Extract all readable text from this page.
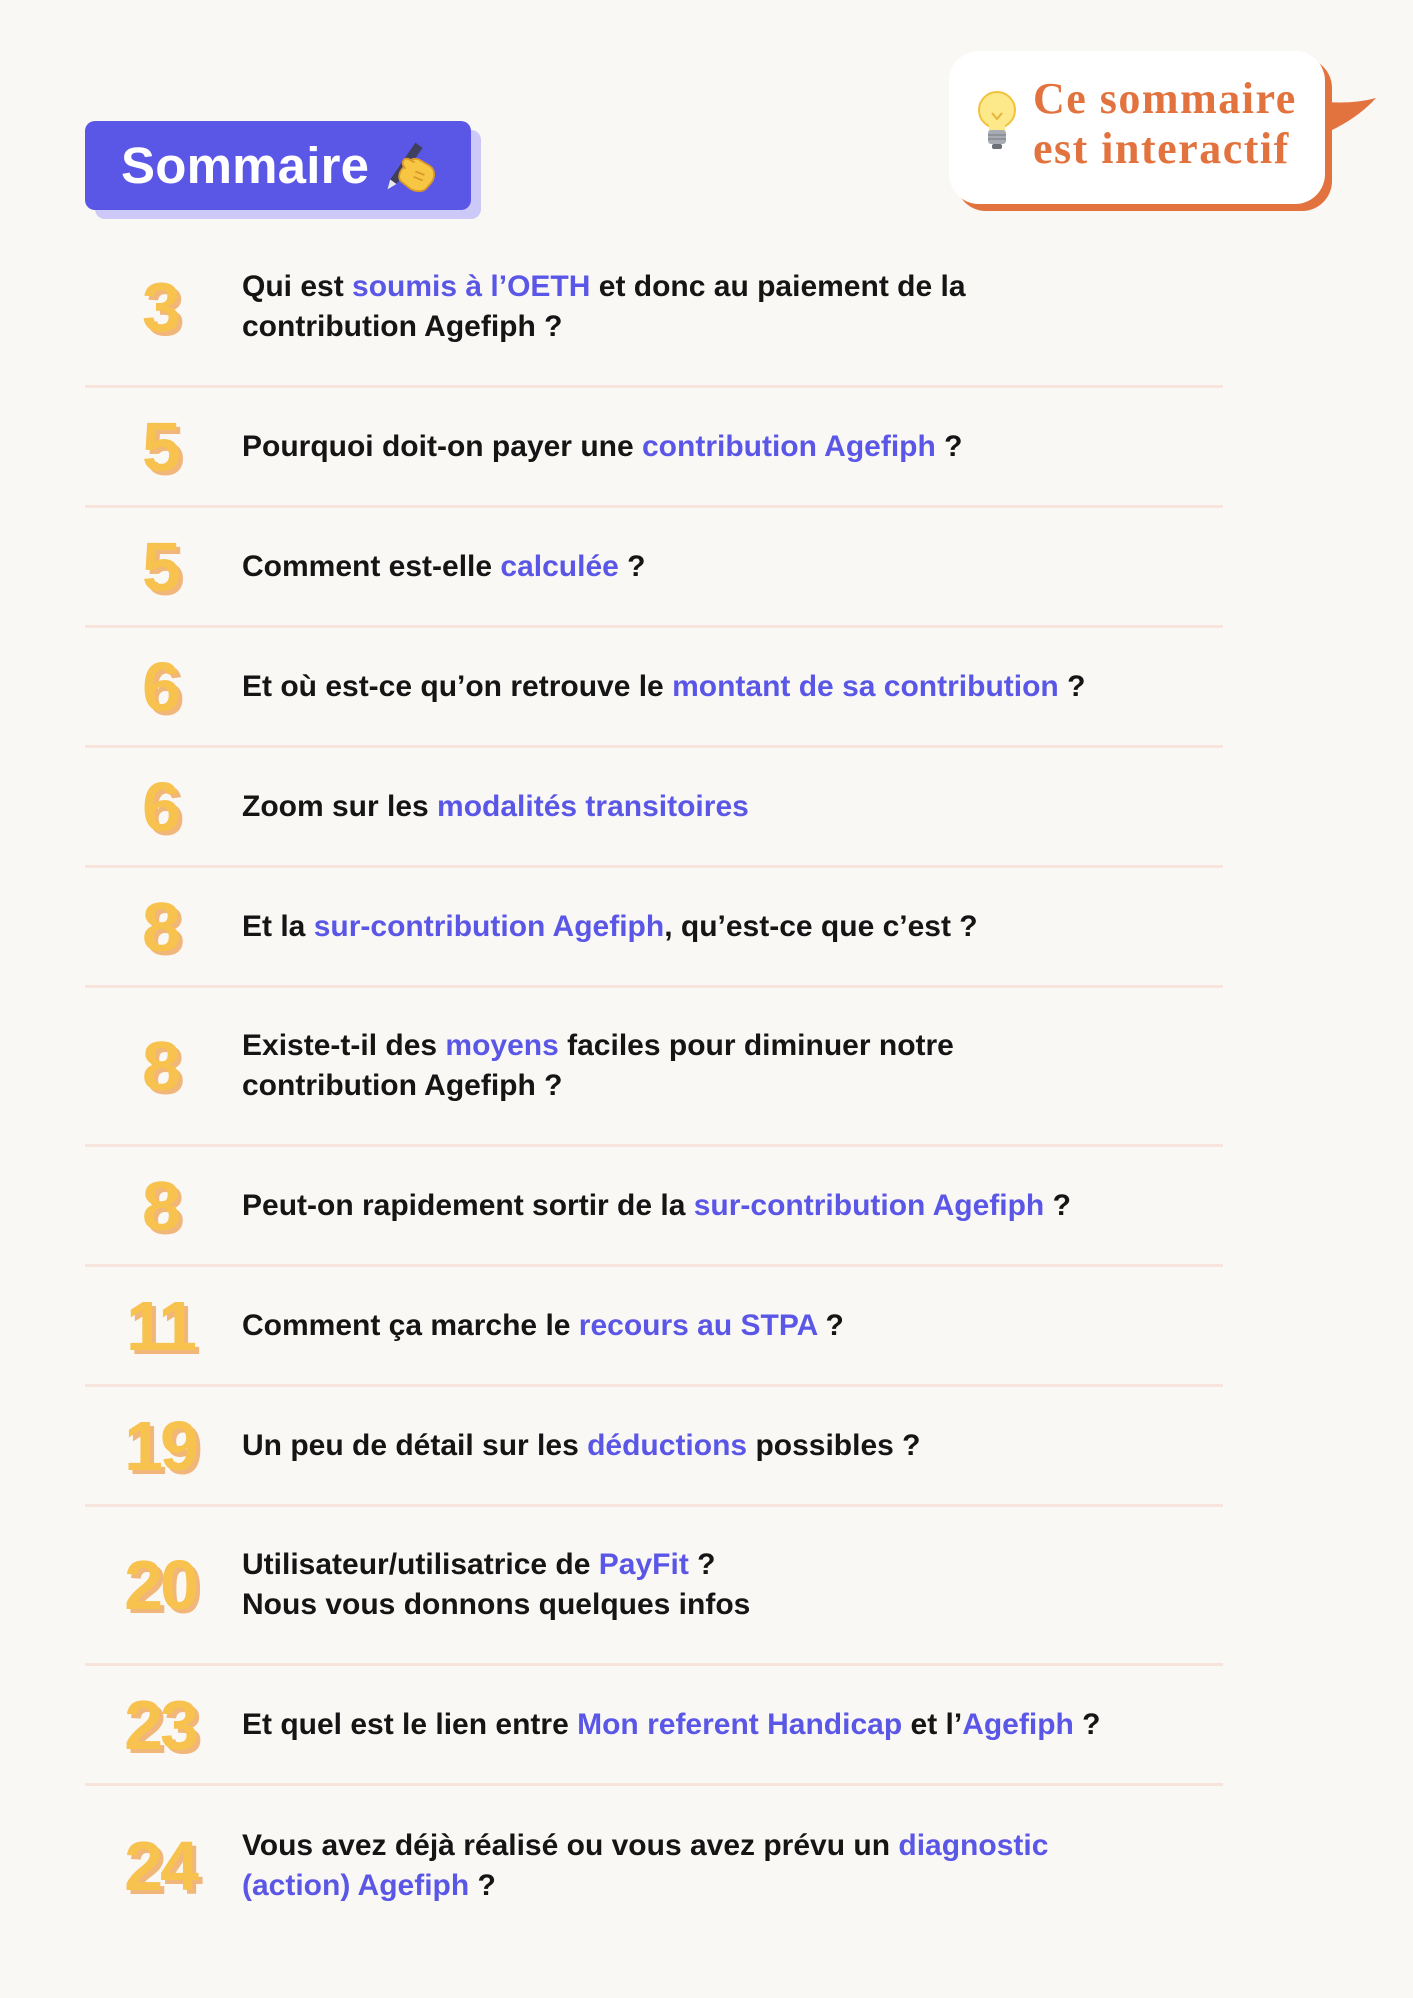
Sommaire
Ce sommaire
est interactif
3	Qui est soumis à l’OETH et donc au paiement de la
contribution Agefiph ?
5	Pourquoi doit-on payer une contribution Agefiph ?
5	Comment est-elle calculée ?
6	Et où est-ce qu’on retrouve le montant de sa contribution ?
6	Zoom sur les modalités transitoires
8	Et la sur-contribution Agefiph, qu’est-ce que c’est ?
8	Existe-t-il des moyens faciles pour diminuer notre
contribution Agefiph ?
8	Peut-on rapidement sortir de la sur-contribution Agefiph ?
11	Comment ça marche le recours au STPA ?
19	Un peu de détail sur les déductions possibles ?
20	Utilisateur/utilisatrice de PayFit ?
Nous vous donnons quelques infos
23	Et quel est le lien entre Mon referent Handicap et l’Agefiph ?
24	Vous avez déjà réalisé ou vous avez prévu un diagnostic
(action) Agefiph ?
